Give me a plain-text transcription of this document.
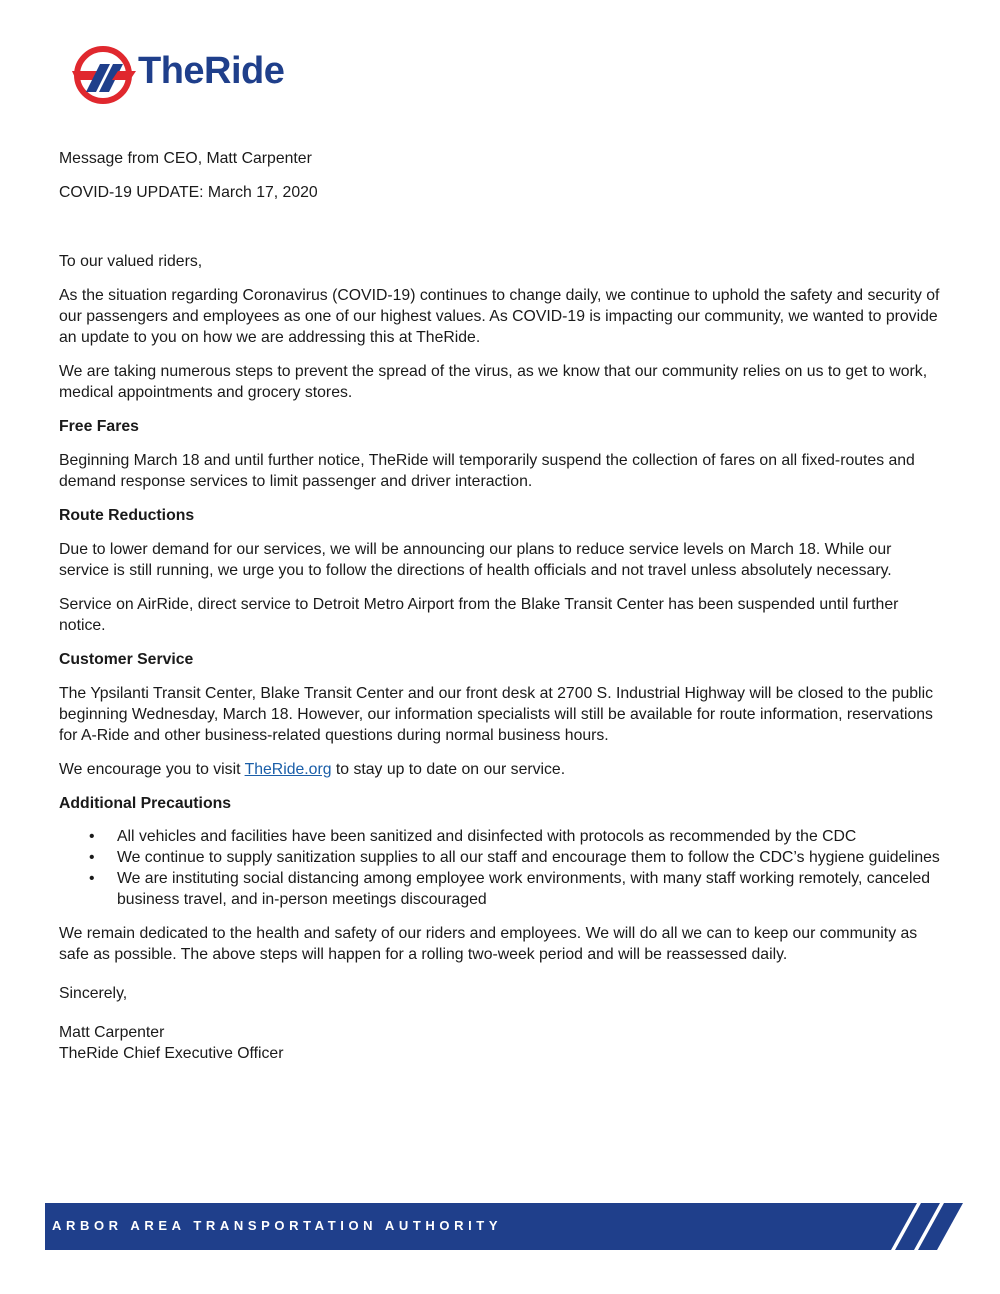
TheRide

Message from CEO, Matt Carpenter

COVID-19 UPDATE: March 17, 2020

To our valued riders,

As the situation regarding Coronavirus (COVID-19) continues to change daily, we continue to uphold the safety and security of our passengers and employees as one of our highest values. As COVID-19 is impacting our community, we wanted to provide an update to you on how we are addressing this at TheRide.

We are taking numerous steps to prevent the spread of the virus, as we know that our community relies on us to get to work, medical appointments and grocery stores.

Free Fares

Beginning March 18 and until further notice, TheRide will temporarily suspend the collection of fares on all fixed-routes and demand response services to limit passenger and driver interaction.

Route Reductions

Due to lower demand for our services, we will be announcing our plans to reduce service levels on March 18. While our service is still running, we urge you to follow the directions of health officials and not travel unless absolutely necessary.

Service on AirRide, direct service to Detroit Metro Airport from the Blake Transit Center has been suspended until further notice.

Customer Service

The Ypsilanti Transit Center, Blake Transit Center and our front desk at 2700 S. Industrial Highway will be closed to the public beginning Wednesday, March 18. However, our information specialists will still be available for route information, reservations for A-Ride and other business-related questions during normal business hours.

We encourage you to visit TheRide.org to stay up to date on our service.

Additional Precautions

• All vehicles and facilities have been sanitized and disinfected with protocols as recommended by the CDC
• We continue to supply sanitization supplies to all our staff and encourage them to follow the CDC’s hygiene guidelines
• We are instituting social distancing among employee work environments, with many staff working remotely, canceled business travel, and in-person meetings discouraged

We remain dedicated to the health and safety of our riders and employees. We will do all we can to keep our community as safe as possible. The above steps will happen for a rolling two-week period and will be reassessed daily.

Sincerely,

Matt Carpenter

TheRide Chief Executive Officer

ARBOR AREA TRANSPORTATION AUTHORITY
